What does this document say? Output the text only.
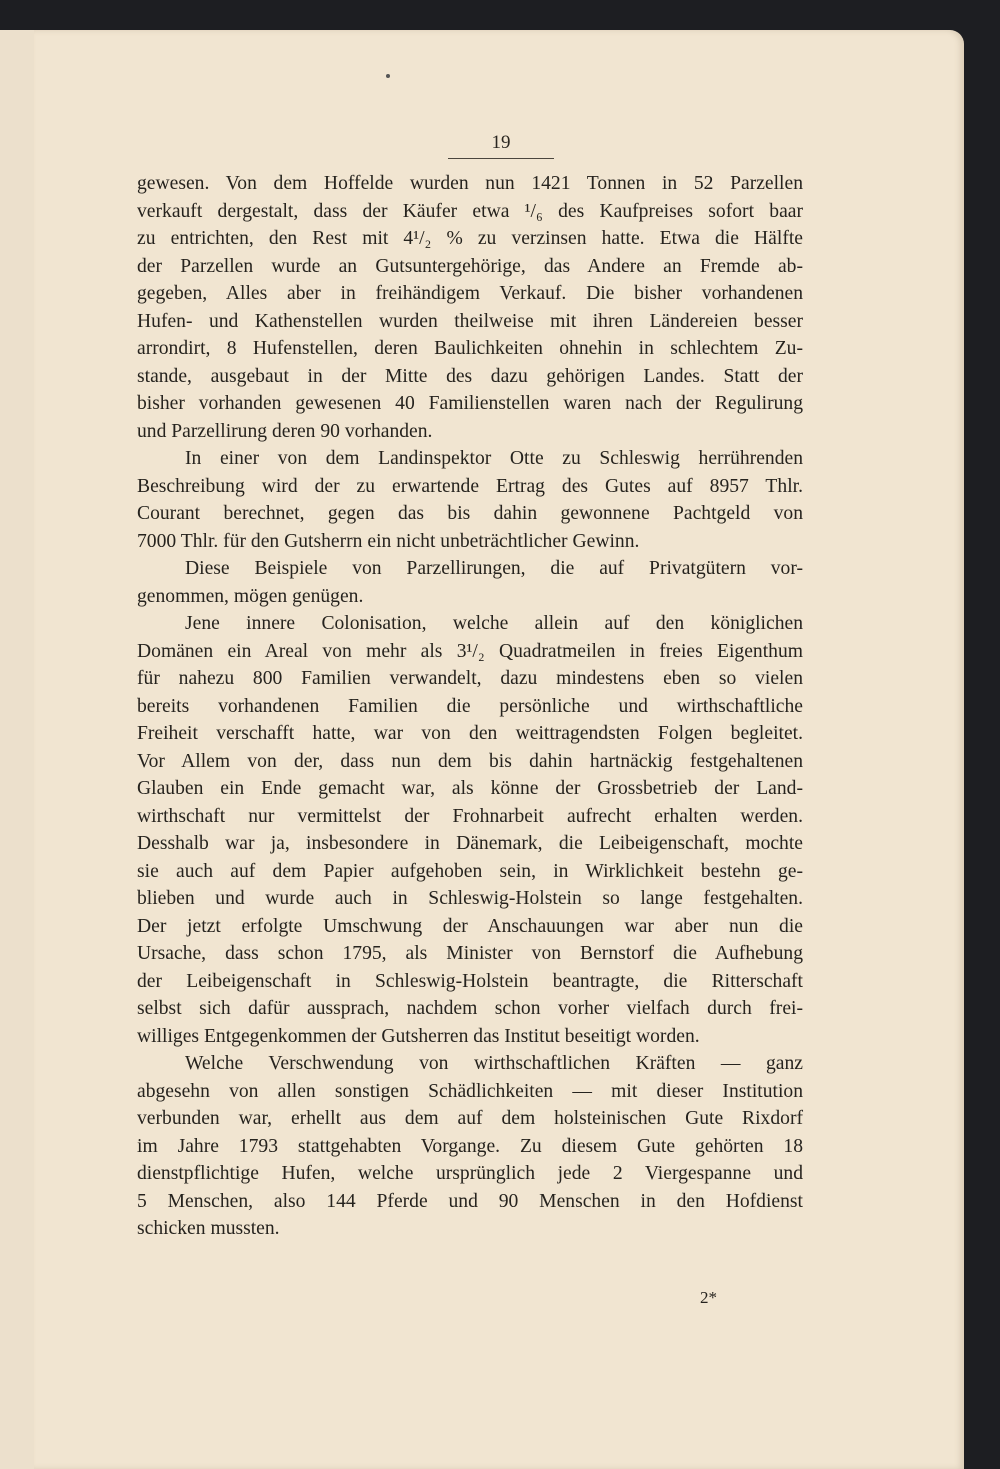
19
gewesen. Von dem Hoffelde wurden nun 1421 Tonnen in 52 Parzellen
verkauft dergestalt, dass der Käufer etwa ¹/₆ des Kaufpreises sofort baar
zu entrichten, den Rest mit 4¹/₂ % zu verzinsen hatte. Etwa die Hälfte
der Parzellen wurde an Gutsuntergehörige, das Andere an Fremde ab-
gegeben, Alles aber in freihändigem Verkauf. Die bisher vorhandenen
Hufen- und Kathenstellen wurden theilweise mit ihren Ländereien besser
arrondirt, 8 Hufenstellen, deren Baulichkeiten ohnehin in schlechtem Zu-
stande, ausgebaut in der Mitte des dazu gehörigen Landes. Statt der
bisher vorhanden gewesenen 40 Familienstellen waren nach der Regulirung
und Parzellirung deren 90 vorhanden.
In einer von dem Landinspektor Otte zu Schleswig herrührenden
Beschreibung wird der zu erwartende Ertrag des Gutes auf 8957 Thlr.
Courant berechnet, gegen das bis dahin gewonnene Pachtgeld von
7000 Thlr. für den Gutsherrn ein nicht unbeträchtlicher Gewinn.
Diese Beispiele von Parzellirungen, die auf Privatgütern vor-
genommen, mögen genügen.
Jene innere Colonisation, welche allein auf den königlichen
Domänen ein Areal von mehr als 3¹/₂ Quadratmeilen in freies Eigenthum
für nahezu 800 Familien verwandelt, dazu mindestens eben so vielen
bereits vorhandenen Familien die persönliche und wirthschaftliche
Freiheit verschafft hatte, war von den weittragendsten Folgen begleitet.
Vor Allem von der, dass nun dem bis dahin hartnäckig festgehaltenen
Glauben ein Ende gemacht war, als könne der Grossbetrieb der Land-
wirthschaft nur vermittelst der Frohnarbeit aufrecht erhalten werden.
Desshalb war ja, insbesondere in Dänemark, die Leibeigenschaft, mochte
sie auch auf dem Papier aufgehoben sein, in Wirklichkeit bestehn ge-
blieben und wurde auch in Schleswig-Holstein so lange festgehalten.
Der jetzt erfolgte Umschwung der Anschauungen war aber nun die
Ursache, dass schon 1795, als Minister von Bernstorf die Aufhebung
der Leibeigenschaft in Schleswig-Holstein beantragte, die Ritterschaft
selbst sich dafür aussprach, nachdem schon vorher vielfach durch frei-
williges Entgegenkommen der Gutsherren das Institut beseitigt worden.
Welche Verschwendung von wirthschaftlichen Kräften — ganz
abgesehn von allen sonstigen Schädlichkeiten — mit dieser Institution
verbunden war, erhellt aus dem auf dem holsteinischen Gute Rixdorf
im Jahre 1793 stattgehabten Vorgange. Zu diesem Gute gehörten 18
dienstpflichtige Hufen, welche ursprünglich jede 2 Viergespanne und
5 Menschen, also 144 Pferde und 90 Menschen in den Hofdienst
schicken mussten.
2*
